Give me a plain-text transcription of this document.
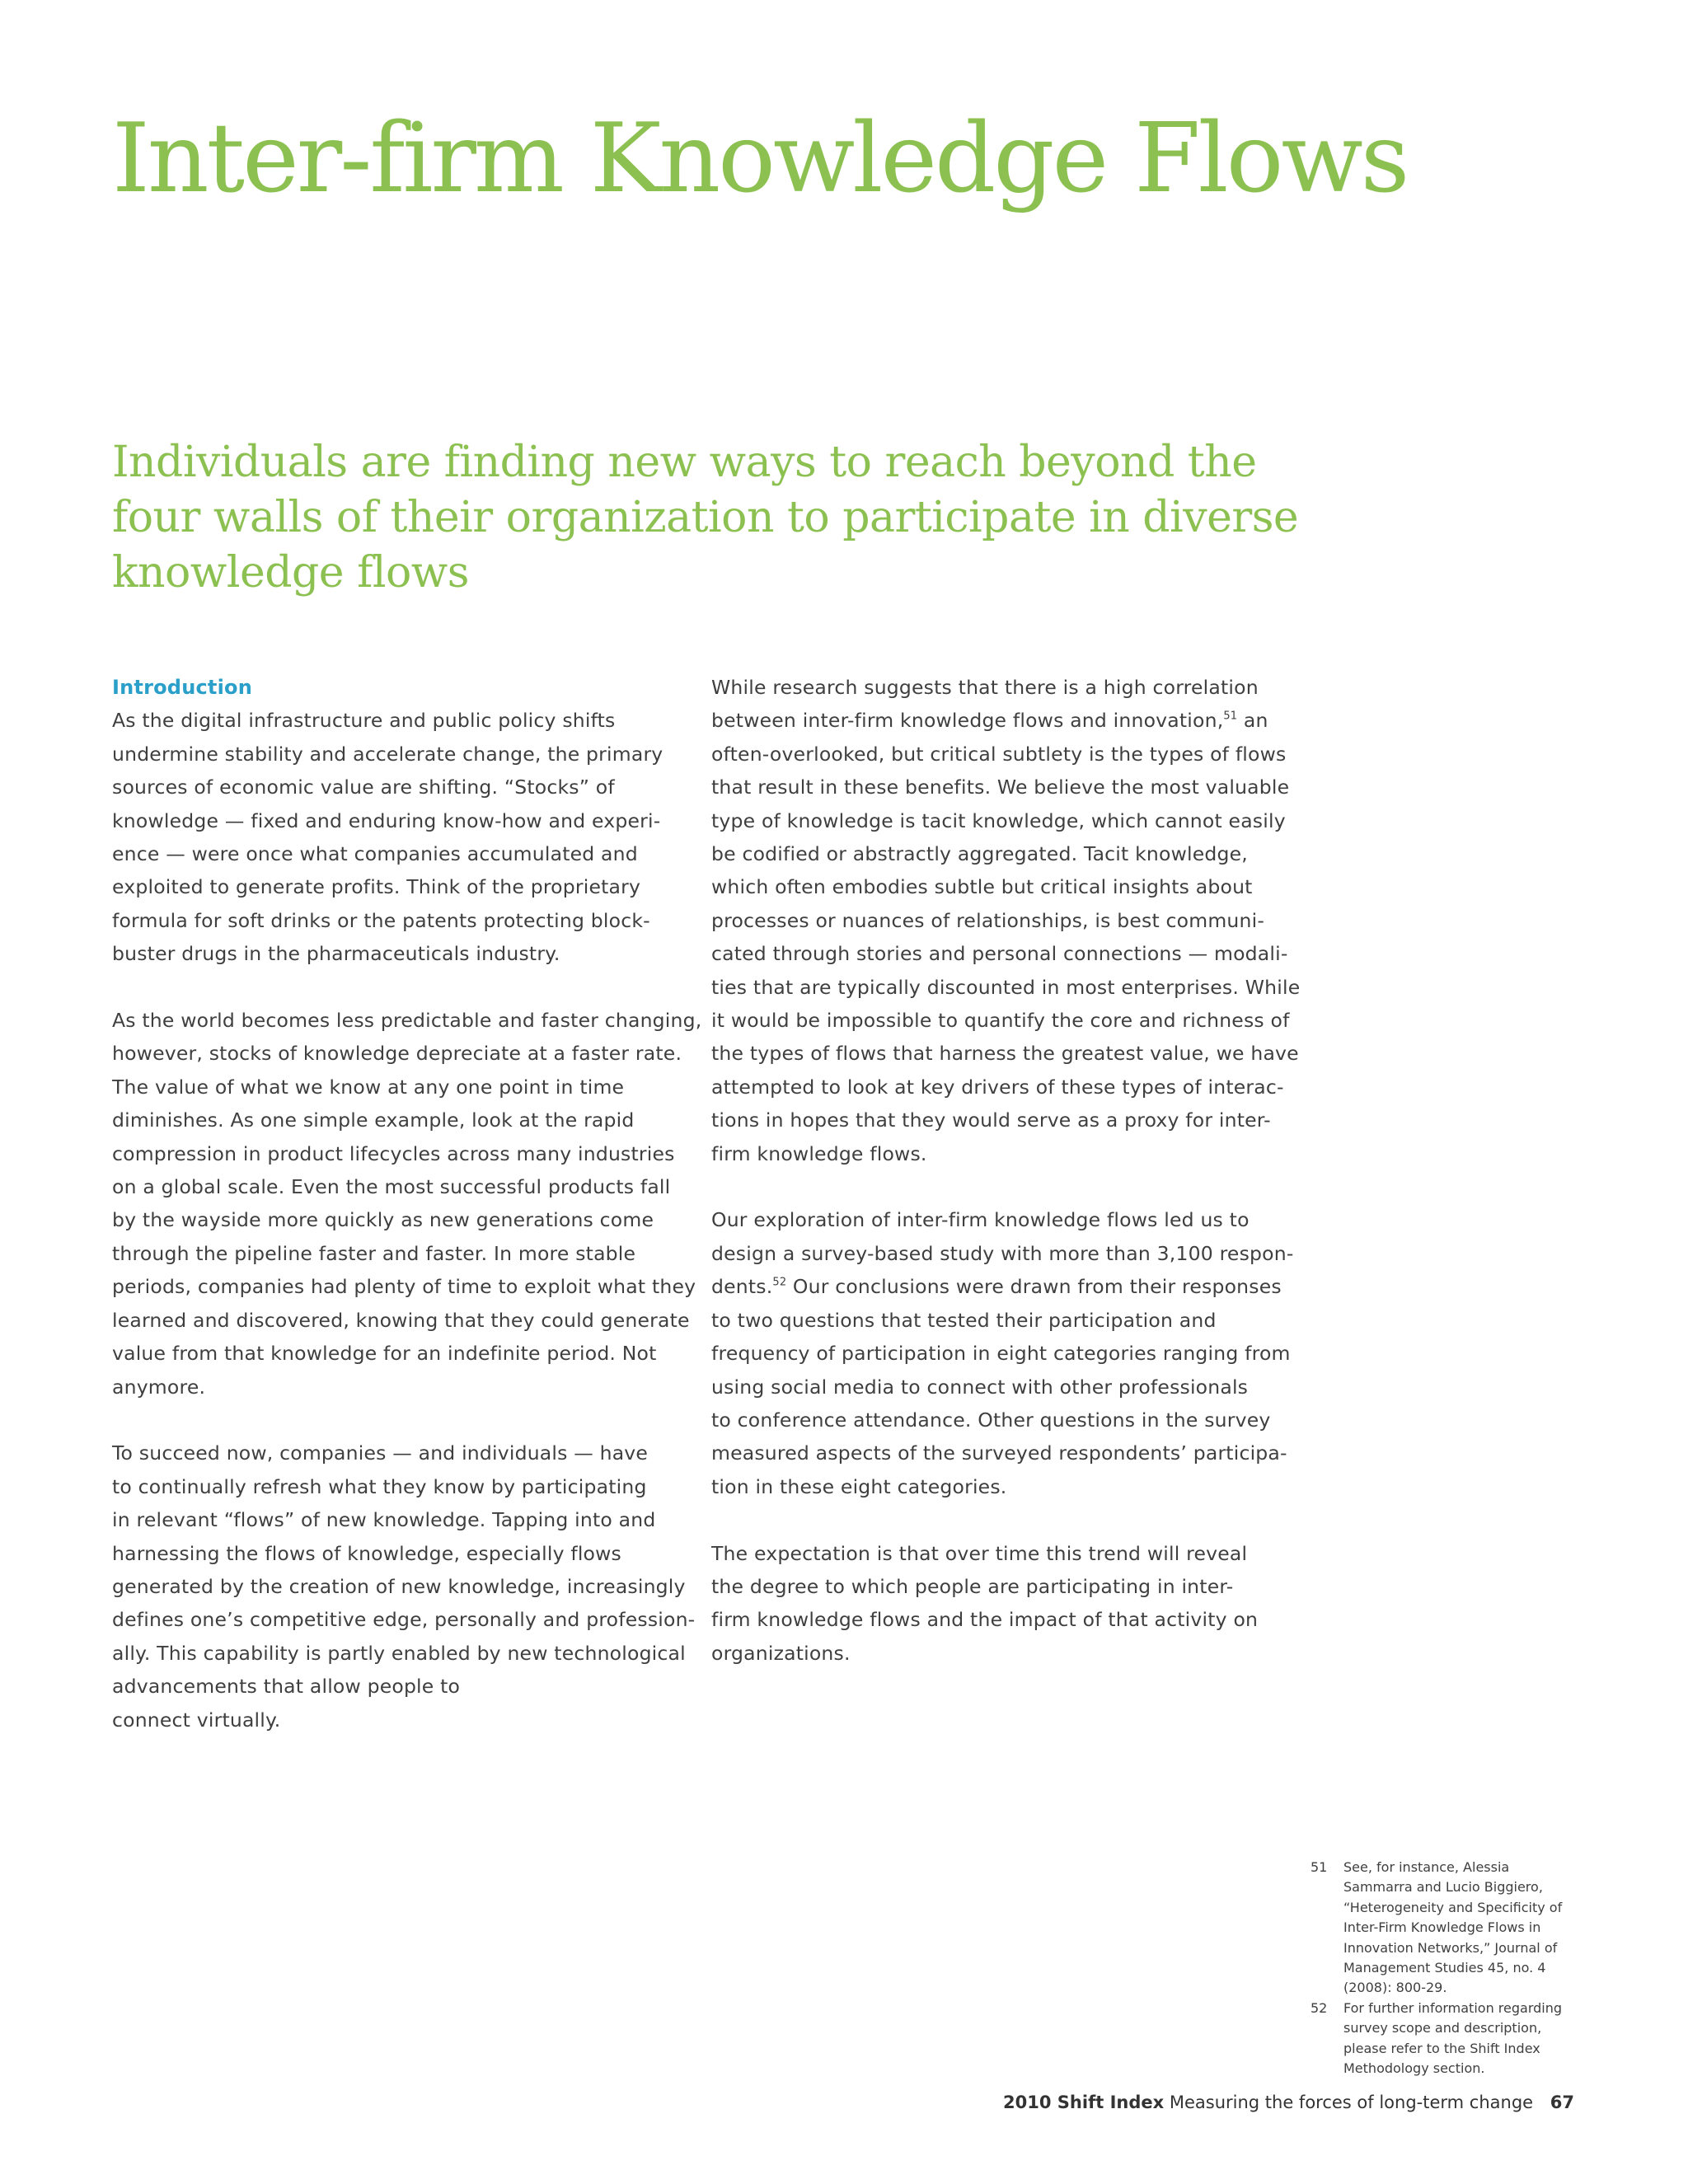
Inter-firm Knowledge Flows
Individuals are finding new ways to reach beyond the
four walls of their organization to participate in diverse
knowledge flows
Introduction

As the digital infrastructure and public policy shifts
undermine stability and accelerate change, the primary
sources of economic value are shifting. “Stocks” of
knowledge — fixed and enduring know-how and experi-
ence — were once what companies accumulated and
exploited to generate profits. Think of the proprietary
formula for soft drinks or the patents protecting block-
buster drugs in the pharmaceuticals industry.

As the world becomes less predictable and faster changing,
however, stocks of knowledge depreciate at a faster rate.
The value of what we know at any one point in time
diminishes. As one simple example, look at the rapid
compression in product lifecycles across many industries
on a global scale. Even the most successful products fall
by the wayside more quickly as new generations come
through the pipeline faster and faster. In more stable
periods, companies had plenty of time to exploit what they
learned and discovered, knowing that they could generate
value from that knowledge for an indefinite period. Not
anymore.

To succeed now, companies — and individuals — have
to continually refresh what they know by participating
in relevant “flows” of new knowledge. Tapping into and
harnessing the flows of knowledge, especially flows
generated by the creation of new knowledge, increasingly
defines one’s competitive edge, personally and profession-
ally. This capability is partly enabled by new technological
advancements that allow people to
connect virtually.

While research suggests that there is a high correlation
between inter-firm knowledge flows and innovation,$^{51}$ an
often-overlooked, but critical subtlety is the types of flows
that result in these benefits. We believe the most valuable
type of knowledge is tacit knowledge, which cannot easily
be codified or abstractly aggregated. Tacit knowledge,
which often embodies subtle but critical insights about
processes or nuances of relationships, is best communi-
cated through stories and personal connections — modali-
ties that are typically discounted in most enterprises. While
it would be impossible to quantify the core and richness of
the types of flows that harness the greatest value, we have
attempted to look at key drivers of these types of interac-
tions in hopes that they would serve as a proxy for inter-
firm knowledge flows.

Our exploration of inter-firm knowledge flows led us to
design a survey-based study with more than 3,100 respon-
dents.$^{52}$ Our conclusions were drawn from their responses
to two questions that tested their participation and
frequency of participation in eight categories ranging from
using social media to connect with other professionals
to conference attendance. Other questions in the survey
measured aspects of the surveyed respondents’ participa-
tion in these eight categories.

The expectation is that over time this trend will reveal
the degree to which people are participating in inter-
firm knowledge flows and the impact of that activity on
organizations.

51	See, for instance, Alessia
Sammarra and Lucio Biggiero,
“Heterogeneity and Specificity of
Inter-Firm Knowledge Flows in
Innovation Networks,” Journal of
Management Studies 45, no. 4
(2008): 800-29.
52	For further information regarding
survey scope and description,
please refer to the Shift Index
Methodology section.
2010 Shift Index Measuring the forces of long-term change 67
